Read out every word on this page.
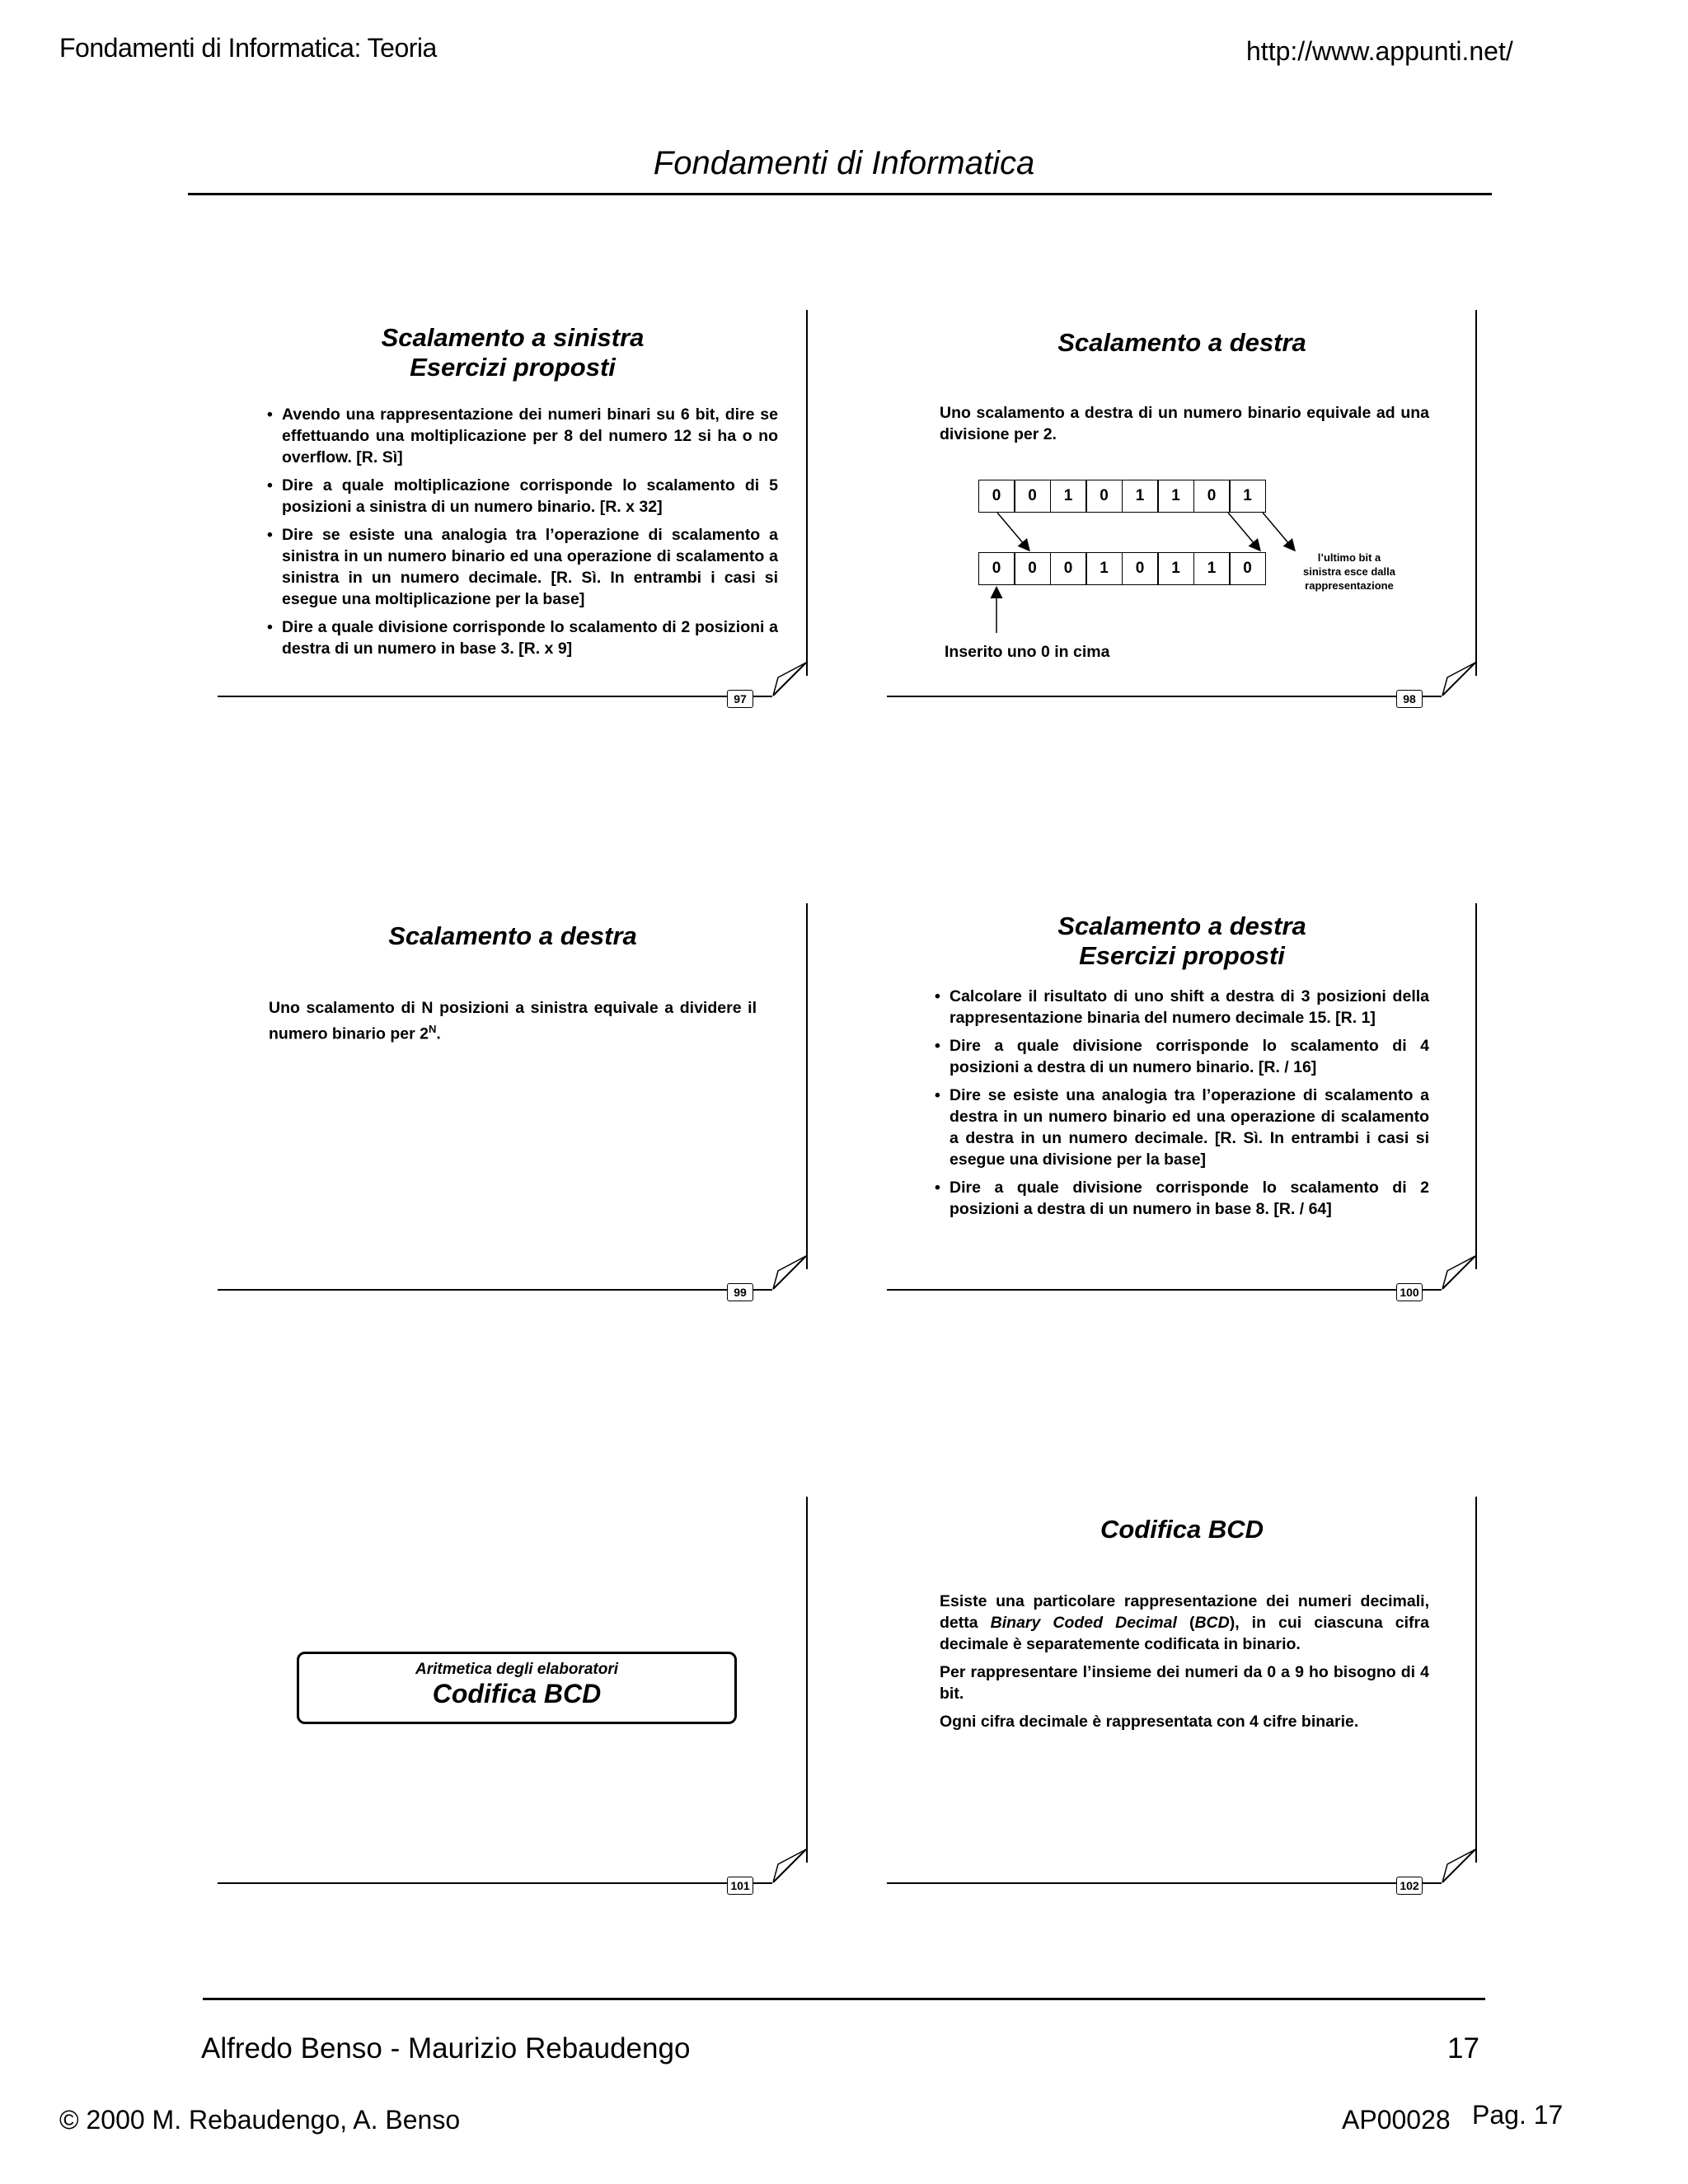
Fondamenti di Informatica: Teoria	http://www.appunti.net/
Fondamenti di Informatica
Scalamento a sinistra
Esercizi proposti
• Avendo una rappresentazione dei numeri binari su 6 bit, dire se effettuando una moltiplicazione per 8 del numero 12 si ha o no overflow. [R. Sì]
• Dire a quale moltiplicazione corrisponde lo scalamento di 5 posizioni a sinistra di un numero binario. [R. x 32]
• Dire se esiste una analogia tra l’operazione di scalamento a sinistra in un numero binario ed una operazione di scalamento a sinistra in un numero decimale. [R. Sì. In entrambi i casi si esegue una moltiplicazione per la base]
• Dire a quale divisione corrisponde lo scalamento di 2 posizioni a destra di un numero in base 3. [R. x 9]
97
Scalamento a destra

Uno scalamento a destra di un numero binario equivale ad una divisione per 2.

0	0	1	0	1	1	0	1
0	0	0	1	0	1	1	0
l’ultimo bit a
sinistra esce dalla
rappresentazione
Inserito uno 0 in cima
98
Scalamento a destra

Uno scalamento di N posizioni a sinistra equivale a dividere il numero binario per $2^N$.

99
Scalamento a destra
Esercizi proposti
• Calcolare il risultato di uno shift a destra di 3 posizioni della rappresentazione binaria del numero decimale 15. [R. 1]
• Dire a quale divisione corrisponde lo scalamento di 4 posizioni a destra di un numero binario. [R. / 16]
• Dire se esiste una analogia tra l’operazione di scalamento a destra in un numero binario ed una operazione di scalamento a destra in un numero decimale. [R. Sì. In entrambi i casi si esegue una divisione per la base]
• Dire a quale divisione corrisponde lo scalamento di 2 posizioni a destra di un numero in base 8. [R. / 64]
100
Aritmetica degli elaboratori
Codifica BCD
101
Codifica BCD

Esiste una particolare rappresentazione dei numeri decimali, detta Binary Coded Decimal (BCD), in cui ciascuna cifra decimale è separatemente codificata in binario.

Per rappresentare l’insieme dei numeri da 0 a 9 ho bisogno di 4 bit.

Ogni cifra decimale è rappresentata con 4 cifre binarie.

102
Alfredo Benso - Maurizio Rebaudengo	17
© 2000 M. Rebaudengo, A. Benso	AP00028 Pag. 17
